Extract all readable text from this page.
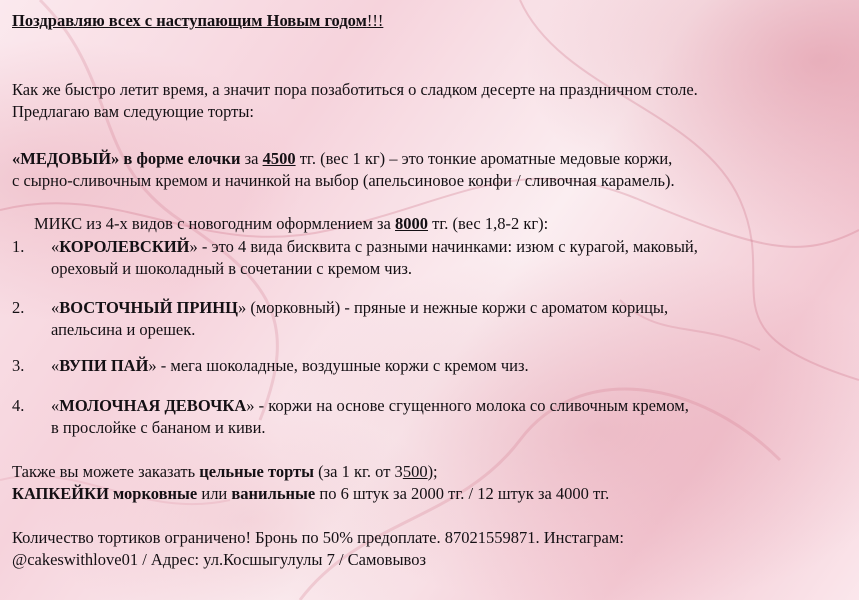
Поздравляю всех с наступающим Новым годом!!!
Как же быстро летит время, а значит пора позаботиться о сладком десерте на праздничном столе.
Предлагаю вам следующие торты:
«МЕДОВЫЙ» в форме елочки за 4500 тг. (вес 1 кг) – это тонкие ароматные медовые коржи,
с сырно-сливочным кремом и начинкой на выбор (апельсиновое конфи / сливочная карамель).
МИКС из 4-х видов с новогодним оформлением за 8000 тг. (вес 1,8-2 кг):
1. «КОРОЛЕВСКИЙ» - это 4 вида бисквита с разными начинками: изюм с курагой, маковый,
ореховый и шоколадный в сочетании с кремом чиз.
2. «ВОСТОЧНЫЙ ПРИНЦ» (морковный) - пряные и нежные коржи с ароматом корицы,
апельсина и орешек.
3. «ВУПИ ПАЙ» - мега шоколадные, воздушные коржи с кремом чиз.
4. «МОЛОЧНАЯ ДЕВОЧКА» - коржи на основе сгущенного молока со сливочным кремом,
в прослойке с бананом и киви.
Также вы можете заказать цельные торты (за 1 кг. от 3500);
КАПКЕЙКИ морковные или ванильные по 6 штук за 2000 тг. / 12 штук за 4000 тг.
Количество тортиков ограничено! Бронь по 50% предоплате. 87021559871. Инстаграм:
@cakeswithlove01 / Адрес: ул.Косшыгулулы 7 / Самовывоз
